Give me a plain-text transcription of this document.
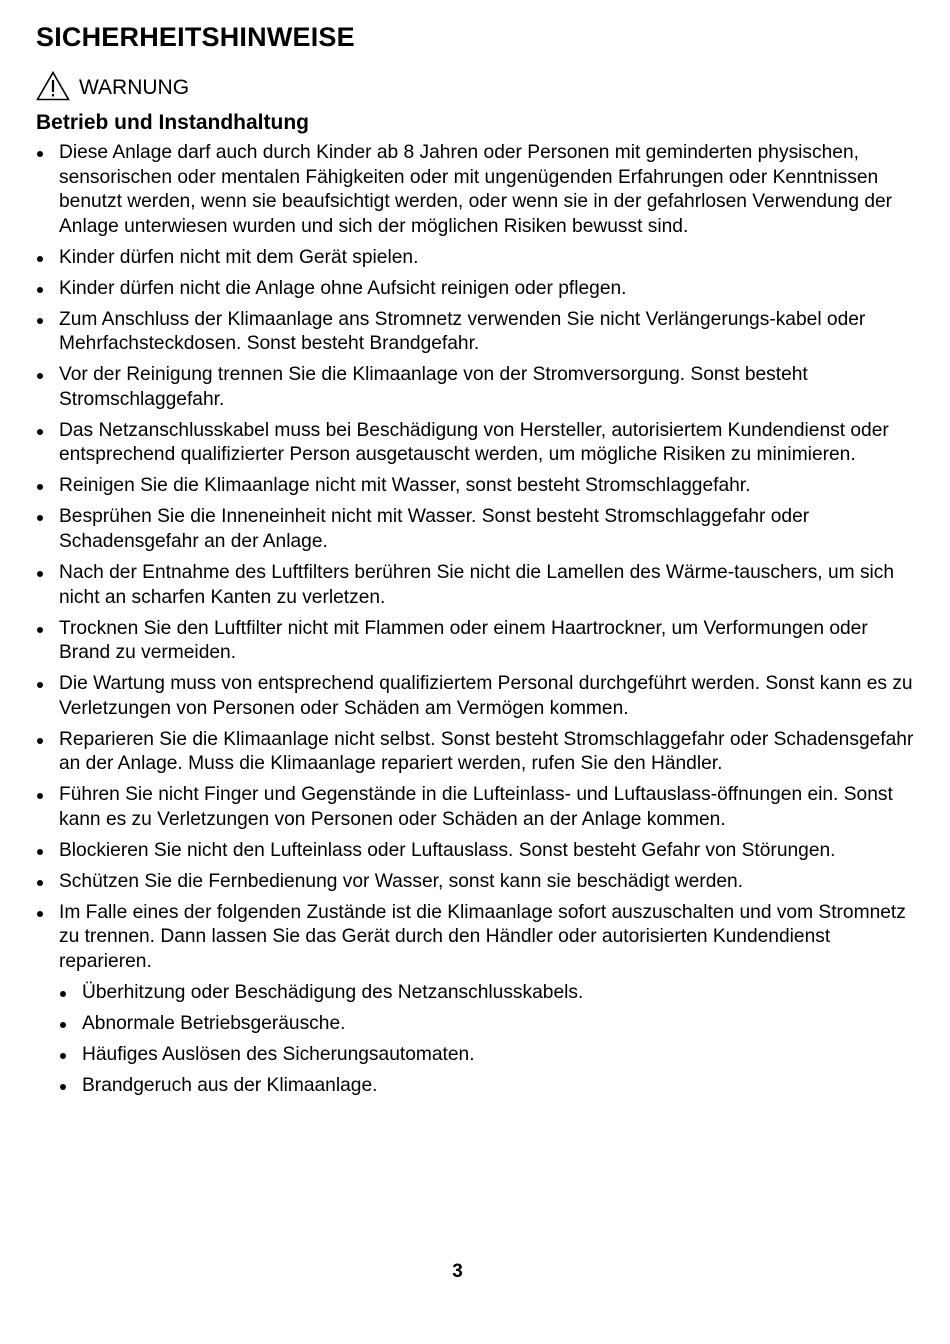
SICHERHEITSHINWEISE
WARNUNG
Betrieb und Instandhaltung
Diese Anlage darf auch durch Kinder ab 8 Jahren oder Personen mit geminderten physischen, sensorischen oder mentalen Fähigkeiten oder mit ungenügenden Erfahrungen oder Kenntnissen benutzt werden, wenn sie beaufsichtigt werden, oder wenn sie in der gefahrlosen Verwendung der Anlage unterwiesen wurden und sich der möglichen Risiken bewusst sind.
Kinder dürfen nicht mit dem Gerät spielen.
Kinder dürfen nicht die Anlage ohne Aufsicht reinigen oder pflegen.
Zum Anschluss der Klimaanlage ans Stromnetz verwenden Sie nicht Verlängerungs-kabel oder Mehrfachsteckdosen. Sonst besteht Brandgefahr.
Vor der Reinigung trennen Sie die Klimaanlage von der Stromversorgung. Sonst besteht Stromschlaggefahr.
Das Netzanschlusskabel muss bei Beschädigung von Hersteller, autorisiertem Kundendienst oder entsprechend qualifizierter Person ausgetauscht werden, um mögliche Risiken zu minimieren.
Reinigen Sie die Klimaanlage nicht mit Wasser, sonst besteht Stromschlaggefahr.
Besprühen Sie die Inneneinheit nicht mit Wasser. Sonst besteht Stromschlaggefahr oder Schadensgefahr an der Anlage.
Nach der Entnahme des Luftfilters berühren Sie nicht die Lamellen des Wärme-tauschers, um sich nicht an scharfen Kanten zu verletzen.
Trocknen Sie den Luftfilter nicht mit Flammen oder einem Haartrockner, um Verformungen oder Brand zu vermeiden.
Die Wartung muss von entsprechend qualifiziertem Personal durchgeführt werden. Sonst kann es zu Verletzungen von Personen oder Schäden am Vermögen kommen.
Reparieren Sie die Klimaanlage nicht selbst. Sonst besteht Stromschlaggefahr oder Schadensgefahr an der Anlage. Muss die Klimaanlage repariert werden, rufen Sie den Händler.
Führen Sie nicht Finger und Gegenstände in die Lufteinlass- und Luftauslass-öffnungen ein. Sonst kann es zu Verletzungen von Personen oder Schäden an der Anlage kommen.
Blockieren Sie nicht den Lufteinlass oder Luftauslass. Sonst besteht Gefahr von Störungen.
Schützen Sie die Fernbedienung vor Wasser, sonst kann sie beschädigt werden.
Im Falle eines der folgenden Zustände ist die Klimaanlage sofort auszuschalten und vom Stromnetz zu trennen. Dann lassen Sie das Gerät durch den Händler oder autorisierten Kundendienst reparieren.
Überhitzung oder Beschädigung des Netzanschlusskabels.
Abnormale Betriebsgeräusche.
Häufiges Auslösen des Sicherungsautomaten.
Brandgeruch aus der Klimaanlage.
3
